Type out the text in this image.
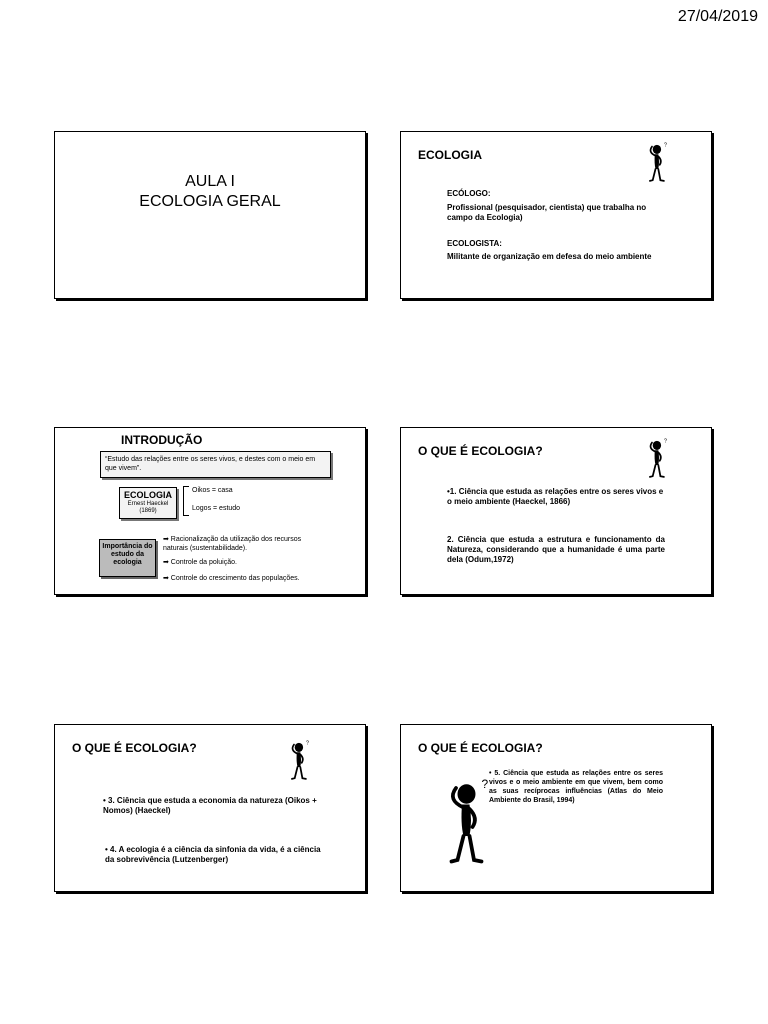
27/04/2019
AULA I
ECOLOGIA GERAL
ECOLOGIA
ECÓLOGO:
Profissional (pesquisador, cientista) que trabalha no campo da Ecologia)
ECOLOGISTA:
Militante de organização em defesa do meio ambiente
INTRODUÇÃO
“Estudo das relações entre os seres vivos, e destes com o meio em que vivem”.
ECOLOGIA
Ernest Haeckel
(1869)
Oikos = casa
Logos = estudo
Importância do estudo da ecologia
➡ Racionalização da utilização dos recursos naturais (sustentabilidade).
➡ Controle da poluição.
➡ Controle do crescimento das populações.
O QUE É ECOLOGIA?
•1. Ciência que estuda as relações entre os seres vivos e o meio ambiente (Haeckel, 1866)
2. Ciência que estuda a estrutura e funcionamento da Natureza, considerando que a humanidade é uma parte dela (Odum,1972)
O QUE É ECOLOGIA?
• 3. Ciência que estuda a economia da natureza (Oikos + Nomos) (Haeckel)
• 4. A ecologia é a ciência da sinfonia da vida, é a ciência da sobrevivência (Lutzenberger)
O QUE É ECOLOGIA?
• 5. Ciência que estuda as relações entre os seres vivos e o meio ambiente em que vivem, bem como as suas recíprocas influências (Atlas do Meio Ambiente do Brasil, 1994)
